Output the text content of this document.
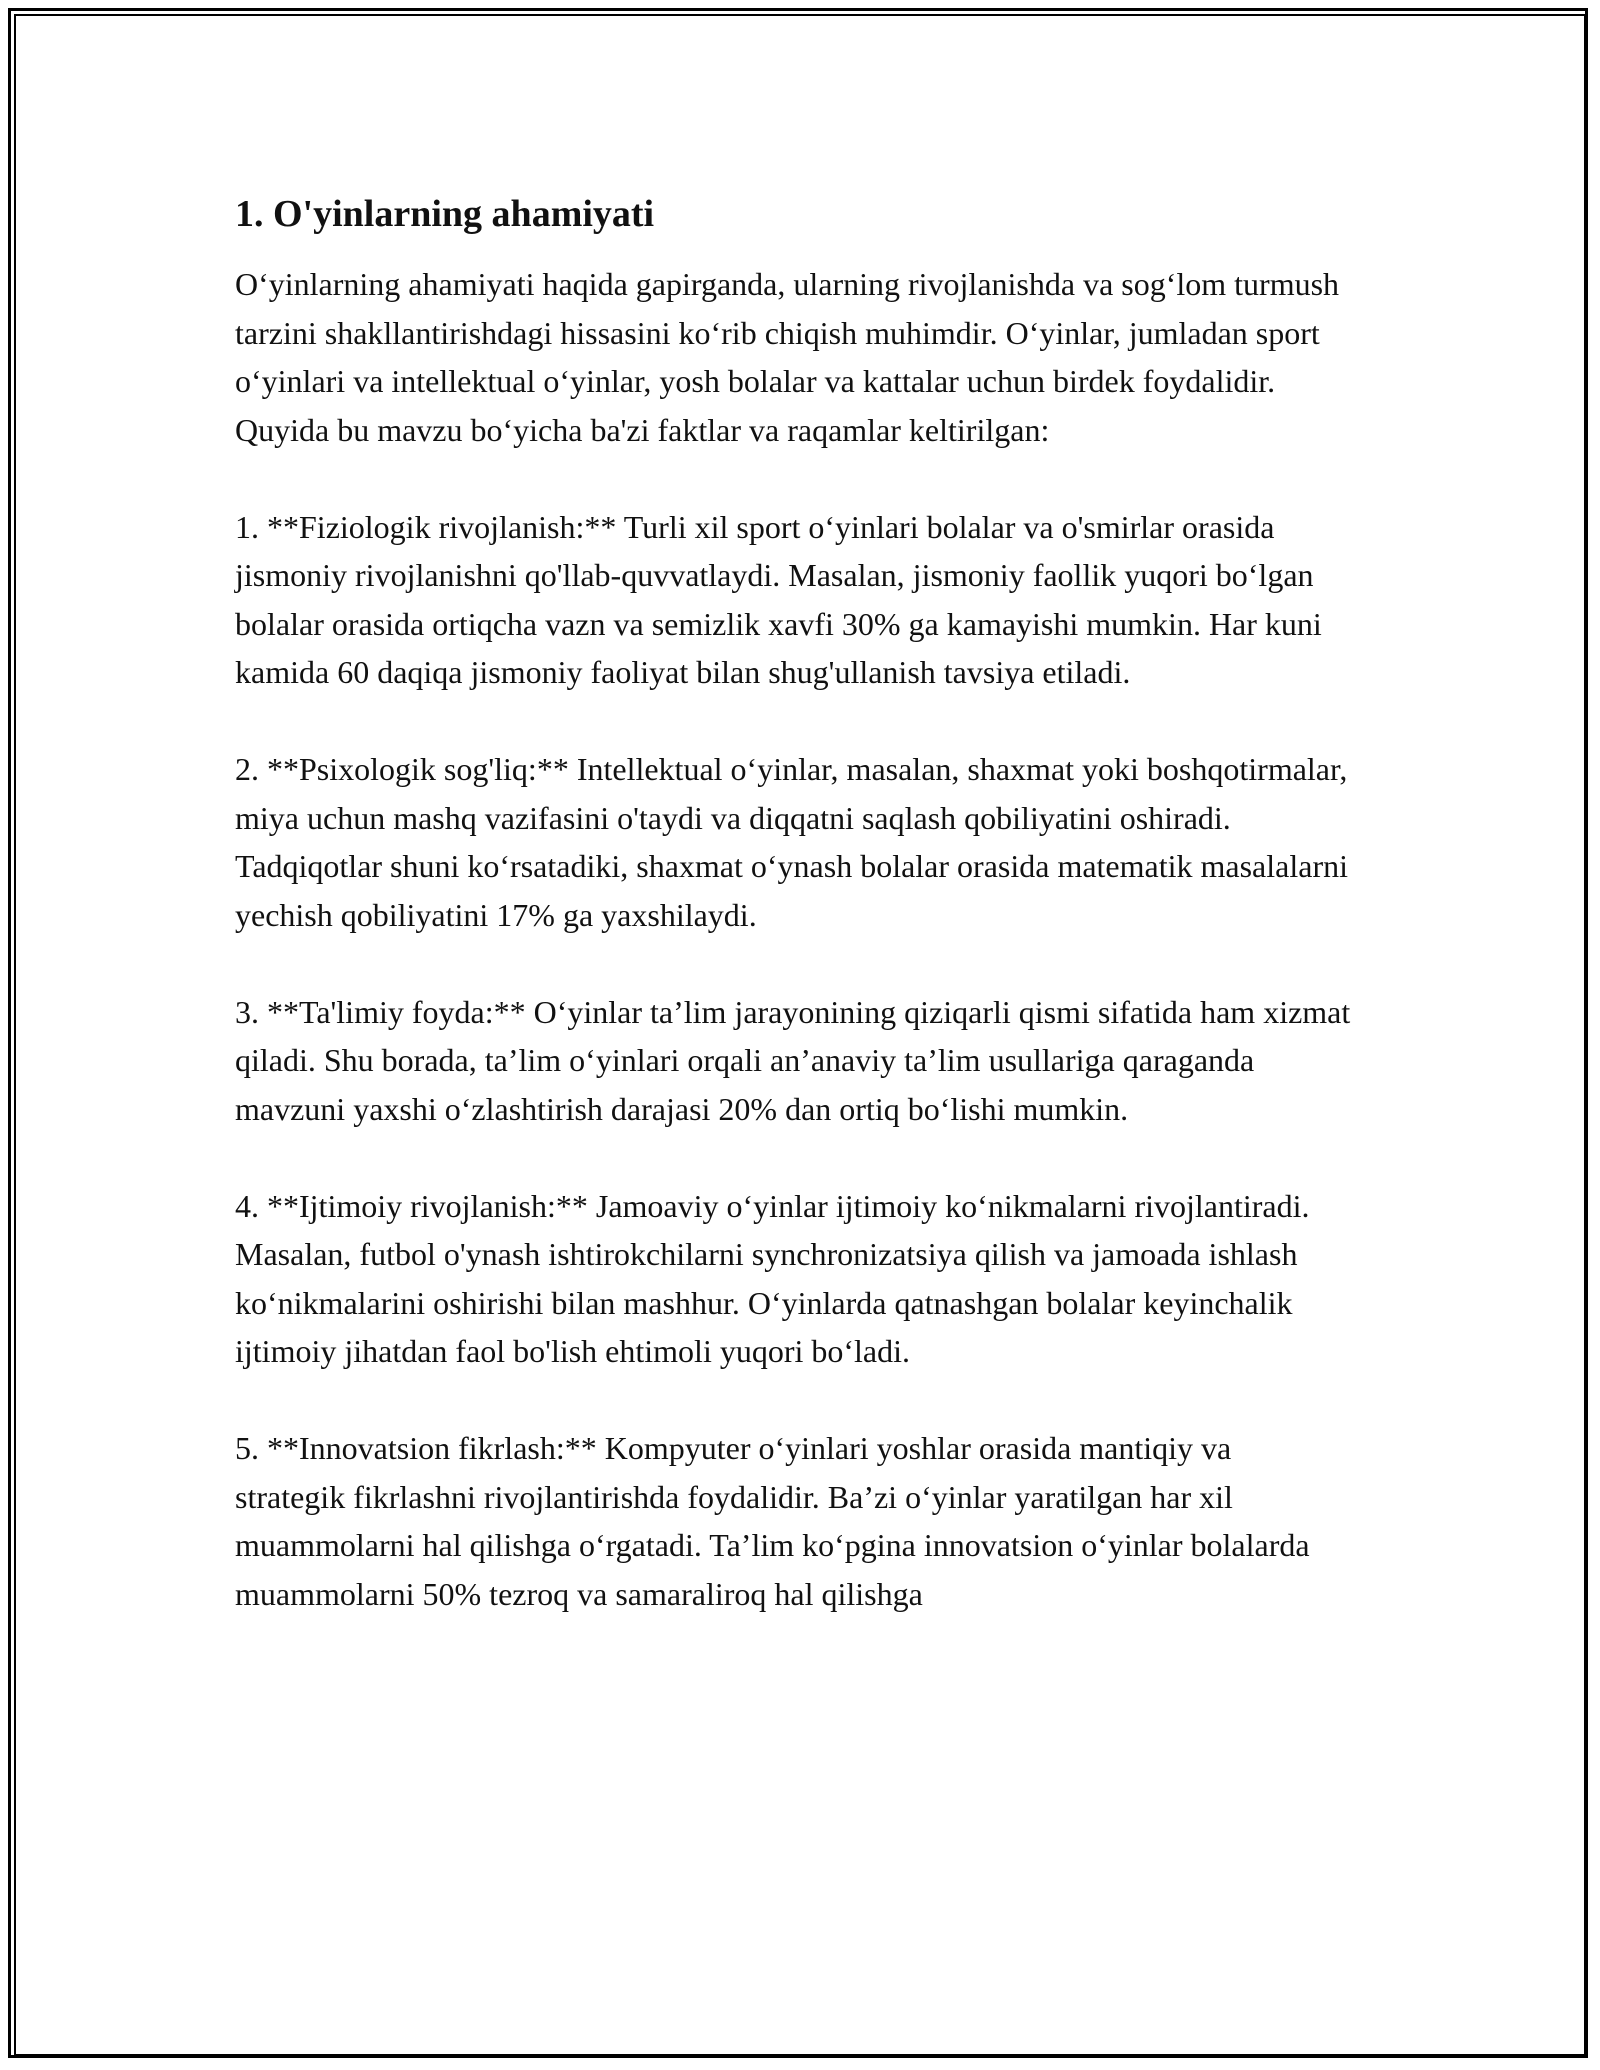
1. O'yinlarning ahamiyati

O‘yinlarning ahamiyati haqida gapirganda, ularning rivojlanishda va sog‘lom turmush tarzini shakllantirishdagi hissasini ko‘rib chiqish muhimdir. O‘yinlar, jumladan sport o‘yinlari va intellektual o‘yinlar, yosh bolalar va kattalar uchun birdek foydalidir. Quyida bu mavzu bo‘yicha ba'zi faktlar va raqamlar keltirilgan:

1. **Fiziologik rivojlanish:** Turli xil sport o‘yinlari bolalar va o'smirlar orasida jismoniy rivojlanishni qo'llab-quvvatlaydi. Masalan, jismoniy faollik yuqori bo‘lgan bolalar orasida ortiqcha vazn va semizlik xavfi 30% ga kamayishi mumkin. Har kuni kamida 60 daqiqa jismoniy faoliyat bilan shug'ullanish tavsiya etiladi.

2. **Psixologik sog'liq:** Intellektual o‘yinlar, masalan, shaxmat yoki boshqotirmalar, miya uchun mashq vazifasini o'taydi va diqqatni saqlash qobiliyatini oshiradi. Tadqiqotlar shuni ko‘rsatadiki, shaxmat o‘ynash bolalar orasida matematik masalalarni yechish qobiliyatini 17% ga yaxshilaydi.

3. **Ta'limiy foyda:** O‘yinlar ta’lim jarayonining qiziqarli qismi sifatida ham xizmat qiladi. Shu borada, ta’lim o‘yinlari orqali an’anaviy ta’lim usullariga qaraganda mavzuni yaxshi o‘zlashtirish darajasi 20% dan ortiq bo‘lishi mumkin.

4. **Ijtimoiy rivojlanish:** Jamoaviy o‘yinlar ijtimoiy ko‘nikmalarni rivojlantiradi. Masalan, futbol o'ynash ishtirokchilarni synchronizatsiya qilish va jamoada ishlash ko‘nikmalarini oshirishi bilan mashhur. O‘yinlarda qatnashgan bolalar keyinchalik ijtimoiy jihatdan faol bo'lish ehtimoli yuqori bo‘ladi.

5. **Innovatsion fikrlash:** Kompyuter o‘yinlari yoshlar orasida mantiqiy va strategik fikrlashni rivojlantirishda foydalidir. Ba’zi o‘yinlar yaratilgan har xil muammolarni hal qilishga o‘rgatadi. Ta’lim ko‘pgina innovatsion o‘yinlar bolalarda muammolarni 50% tezroq va samaraliroq hal qilishga
